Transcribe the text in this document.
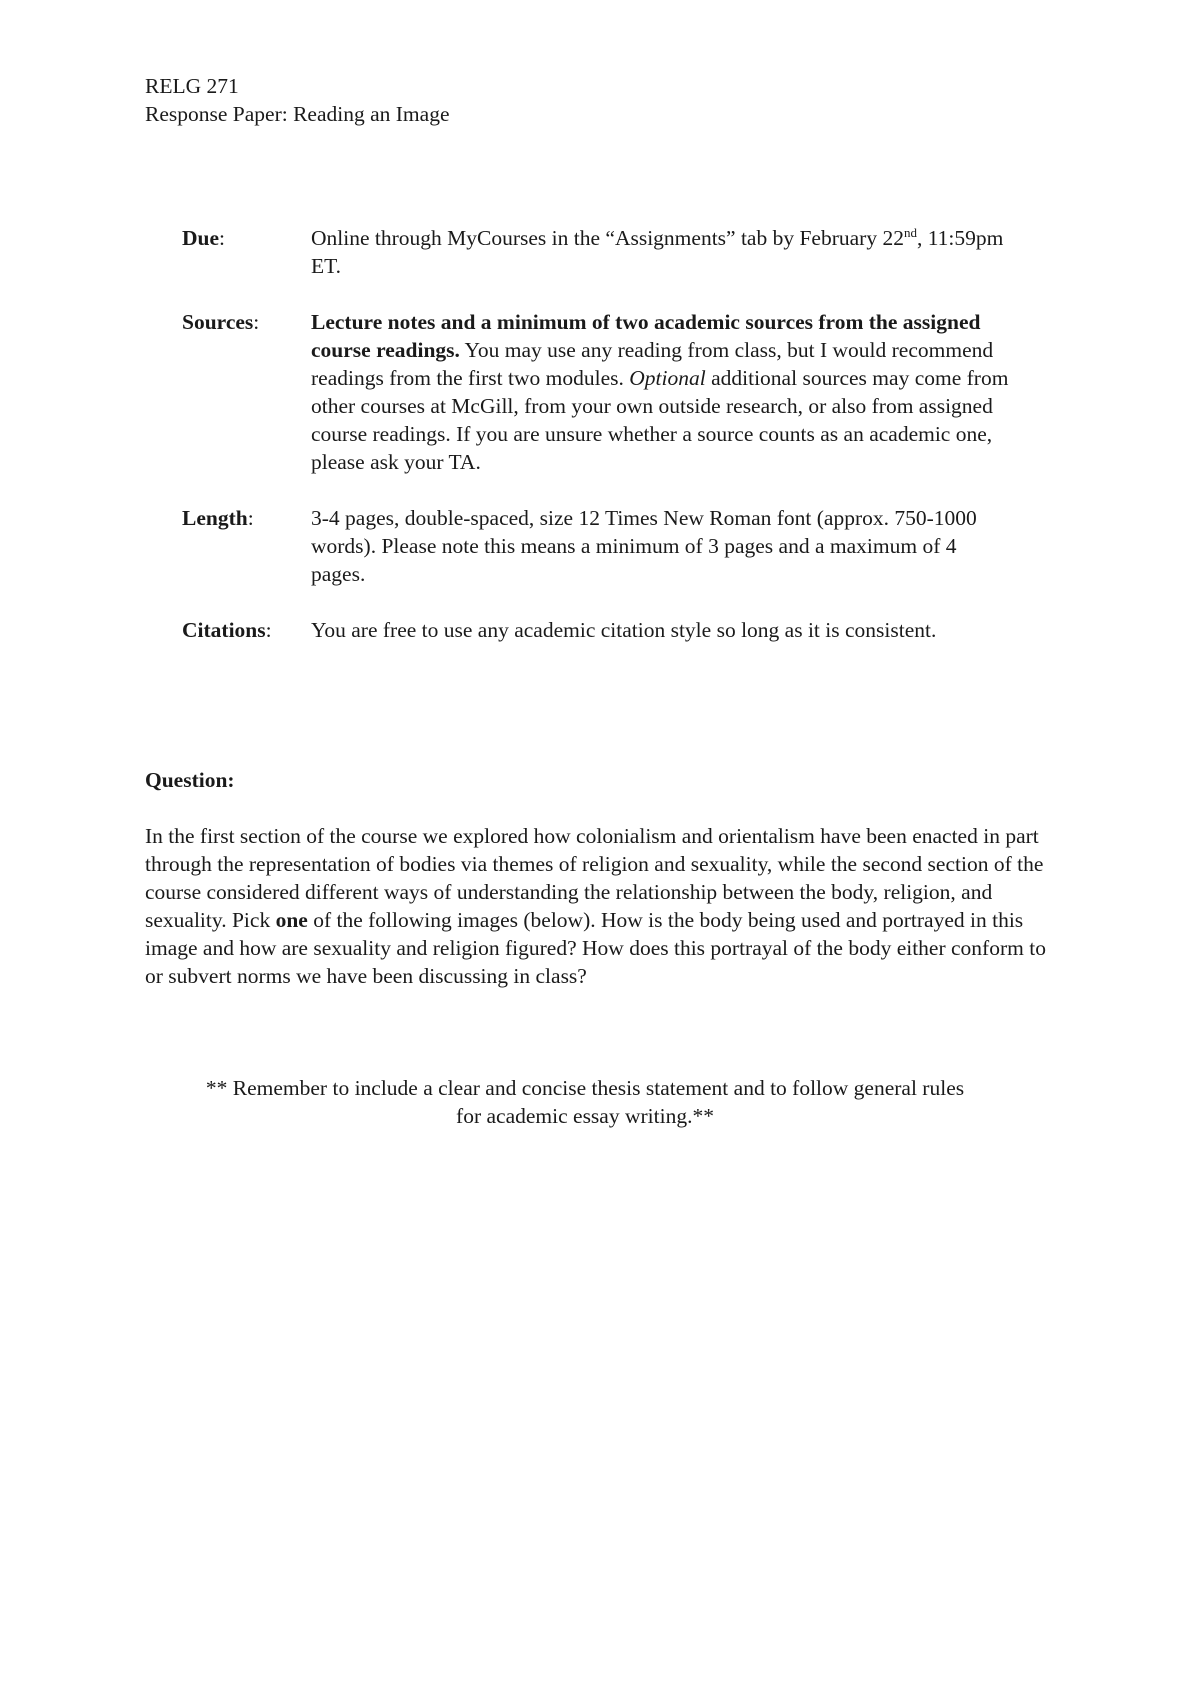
RELG 271
Response Paper: Reading an Image
Due:	Online through MyCourses in the “Assignments” tab by February 22nd, 11:59pm ET.
Sources:	Lecture notes and a minimum of two academic sources from the assigned course readings. You may use any reading from class, but I would recommend readings from the first two modules. Optional additional sources may come from other courses at McGill, from your own outside research, or also from assigned course readings. If you are unsure whether a source counts as an academic one, please ask your TA.
Length:	3-4 pages, double-spaced, size 12 Times New Roman font (approx. 750-1000 words). Please note this means a minimum of 3 pages and a maximum of 4 pages.
Citations:	You are free to use any academic citation style so long as it is consistent.
Question:
In the first section of the course we explored how colonialism and orientalism have been enacted in part through the representation of bodies via themes of religion and sexuality, while the second section of the course considered different ways of understanding the relationship between the body, religion, and sexuality. Pick one of the following images (below). How is the body being used and portrayed in this image and how are sexuality and religion figured? How does this portrayal of the body either conform to or subvert norms we have been discussing in class?
** Remember to include a clear and concise thesis statement and to follow general rules
for academic essay writing.**
